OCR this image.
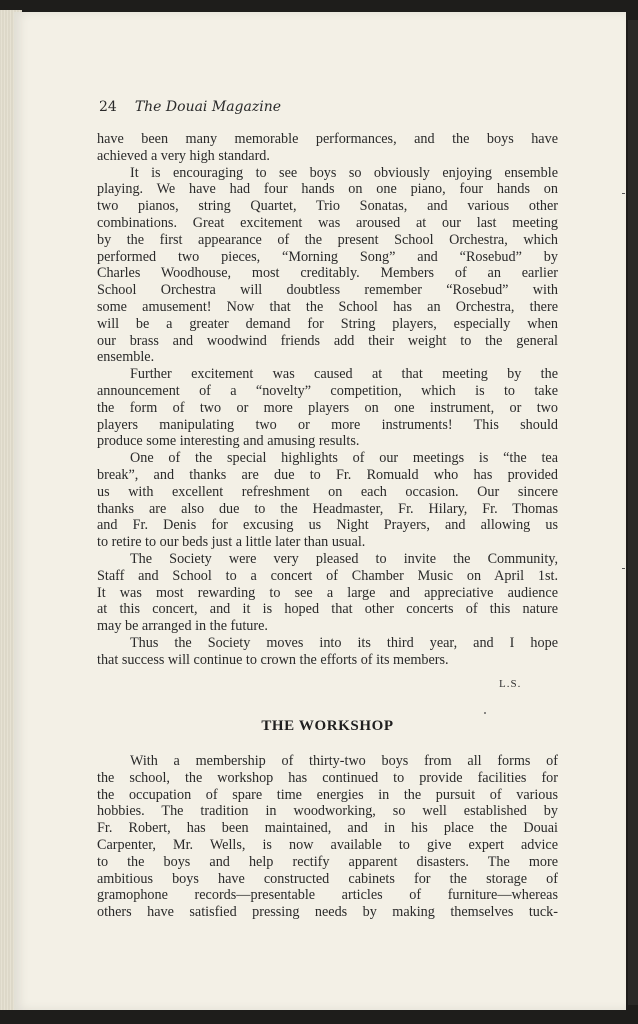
24 The Douai Magazine
have been many memorable performances, and the boys have
achieved a very high standard.
It is encouraging to see boys so obviously enjoying ensemble
playing. We have had four hands on one piano, four hands on
two pianos, string Quartet, Trio Sonatas, and various other
combinations. Great excitement was aroused at our last meeting
by the first appearance of the present School Orchestra, which
performed two pieces, “Morning Song” and “Rosebud” by
Charles Woodhouse, most creditably. Members of an earlier
School Orchestra will doubtless remember “Rosebud” with
some amusement! Now that the School has an Orchestra, there
will be a greater demand for String players, especially when
our brass and woodwind friends add their weight to the general
ensemble.
Further excitement was caused at that meeting by the
announcement of a “novelty” competition, which is to take
the form of two or more players on one instrument, or two
players manipulating two or more instruments! This should
produce some interesting and amusing results.
One of the special highlights of our meetings is “the tea
break”, and thanks are due to Fr. Romuald who has provided
us with excellent refreshment on each occasion. Our sincere
thanks are also due to the Headmaster, Fr. Hilary, Fr. Thomas
and Fr. Denis for excusing us Night Prayers, and allowing us
to retire to our beds just a little later than usual.
The Society were very pleased to invite the Community,
Staff and School to a concert of Chamber Music on April 1st.
It was most rewarding to see a large and appreciative audience
at this concert, and it is hoped that other concerts of this nature
may be arranged in the future.
Thus the Society moves into its third year, and I hope
that success will continue to crown the efforts of its members.
L.S.
THE WORKSHOP
With a membership of thirty-two boys from all forms of
the school, the workshop has continued to provide facilities for
the occupation of spare time energies in the pursuit of various
hobbies. The tradition in woodworking, so well established by
Fr. Robert, has been maintained, and in his place the Douai
Carpenter, Mr. Wells, is now available to give expert advice
to the boys and help rectify apparent disasters. The more
ambitious boys have constructed cabinets for the storage of
gramophone records—presentable articles of furniture—whereas
others have satisfied pressing needs by making themselves tuck-
